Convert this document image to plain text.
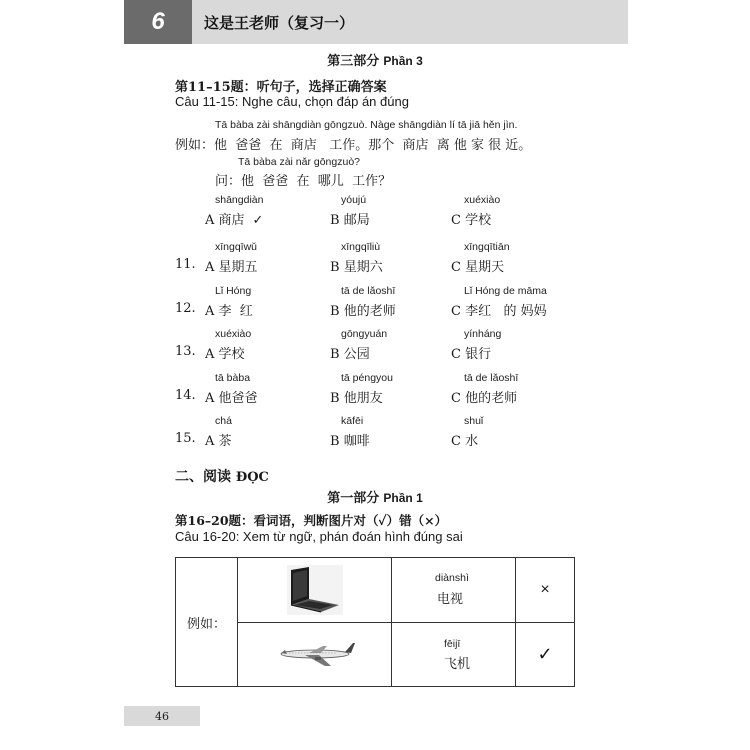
6	这是王老师（复习一）
第三部分 Phần 3
第11–15题：听句子，选择正确答案
Câu 11-15: Nghe câu, chọn đáp án đúng
Tā bàba zài shāngdiàn gōngzuò. Nàge shāngdiàn lí tā jiā hěn jìn.
例如：他  爸爸  在  商店   工作。那个  商店  离 他 家 很 近。
Tā bàba zài nǎr gōngzuò?
问：他  爸爸  在  哪儿  工作？
shāngdiàn
A 商店 ✓
yóujú
B 邮局
xuéxiào
C 学校
11.
xīngqīwǔ
A 星期五
xīngqīliù
B 星期六
xīngqītiān
C 星期天
12.
Lǐ Hóng
A 李  红
tā de lǎoshī
B 他的老师
Lǐ Hóng de māma
C 李红   的 妈妈
13.
xuéxiào
A 学校
gōngyuán
B 公园
yínháng
C 银行
14.
tā bàba
A 他爸爸
tā péngyou
B 他朋友
tā de lǎoshī
C 他的老师
15.
chá
A 茶
kāfēi
B 咖啡
shuǐ
C 水
二、阅读 ĐỌC
第一部分 Phần 1
第16–20题：看词语，判断图片对（✓）错（×）
Câu 16-20: Xem từ ngữ, phán đoán hình đúng sai
例如：
diànshì
电视
×
fēijī
飞机
✓
46
